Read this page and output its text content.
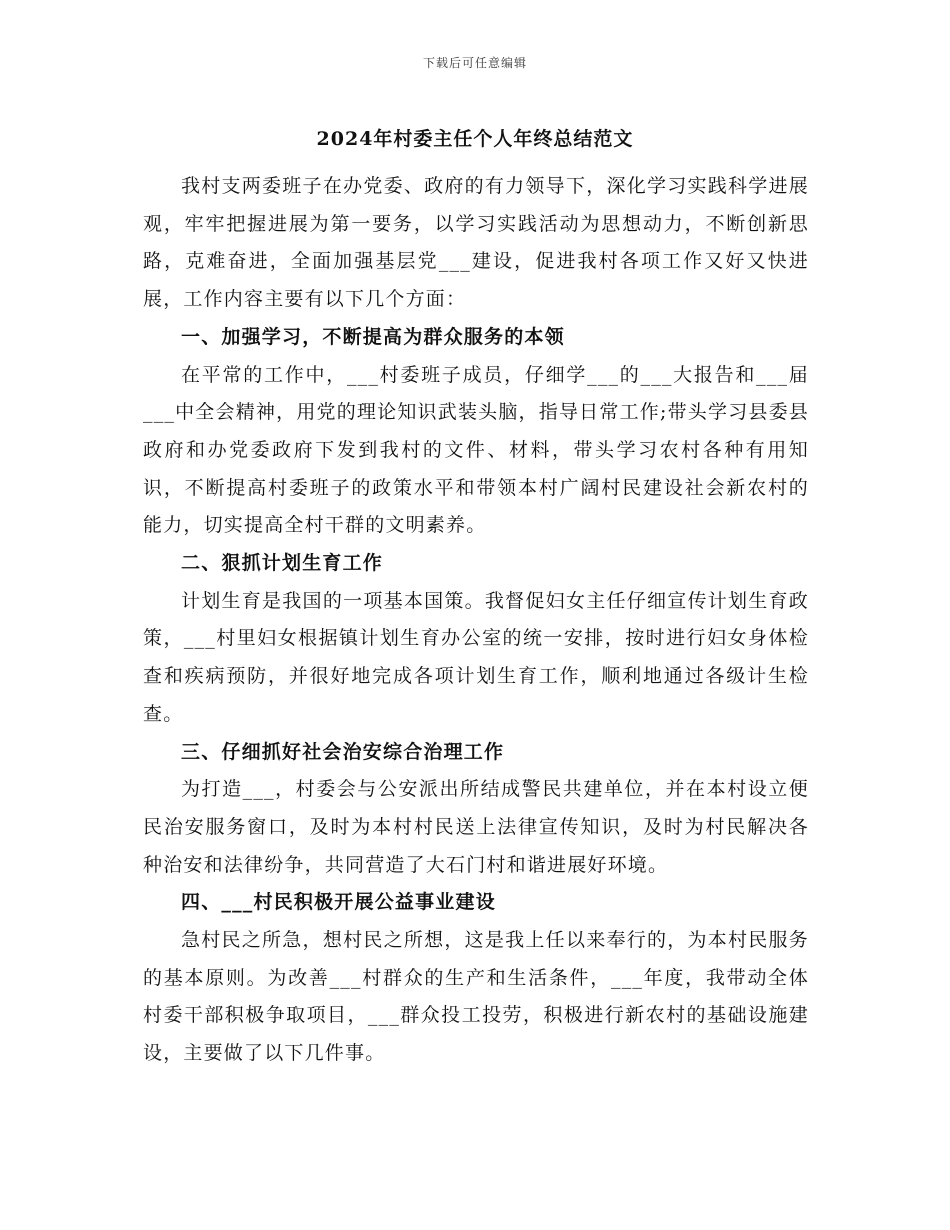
下载后可任意编辑
2024年村委主任个人年终总结范文

我村支两委班子在办党委、政府的有力领导下，深化学习实践科学进展观，牢牢把握进展为第一要务，以学习实践活动为思想动力，不断创新思路，克难奋进，全面加强基层党___建设，促进我村各项工作又好又快进展，工作内容主要有以下几个方面：

一、加强学习，不断提高为群众服务的本领

在平常的工作中，___村委班子成员，仔细学___的___大报告和___届___中全会精神，用党的理论知识武装头脑，指导日常工作;带头学习县委县政府和办党委政府下发到我村的文件、材料，带头学习农村各种有用知识，不断提高村委班子的政策水平和带领本村广阔村民建设社会新农村的能力，切实提高全村干群的文明素养。

二、狠抓计划生育工作

计划生育是我国的一项基本国策。我督促妇女主任仔细宣传计划生育政策，___村里妇女根据镇计划生育办公室的统一安排，按时进行妇女身体检查和疾病预防，并很好地完成各项计划生育工作，顺利地通过各级计生检查。

三、仔细抓好社会治安综合治理工作

为打造___，村委会与公安派出所结成警民共建单位，并在本村设立便民治安服务窗口，及时为本村村民送上法律宣传知识，及时为村民解决各种治安和法律纷争，共同营造了大石门村和谐进展好环境。

四、___村民积极开展公益事业建设

急村民之所急，想村民之所想，这是我上任以来奉行的，为本村民服务的基本原则。为改善___村群众的生产和生活条件，___年度，我带动全体村委干部积极争取项目，___群众投工投劳，积极进行新农村的基础设施建设，主要做了以下几件事。
